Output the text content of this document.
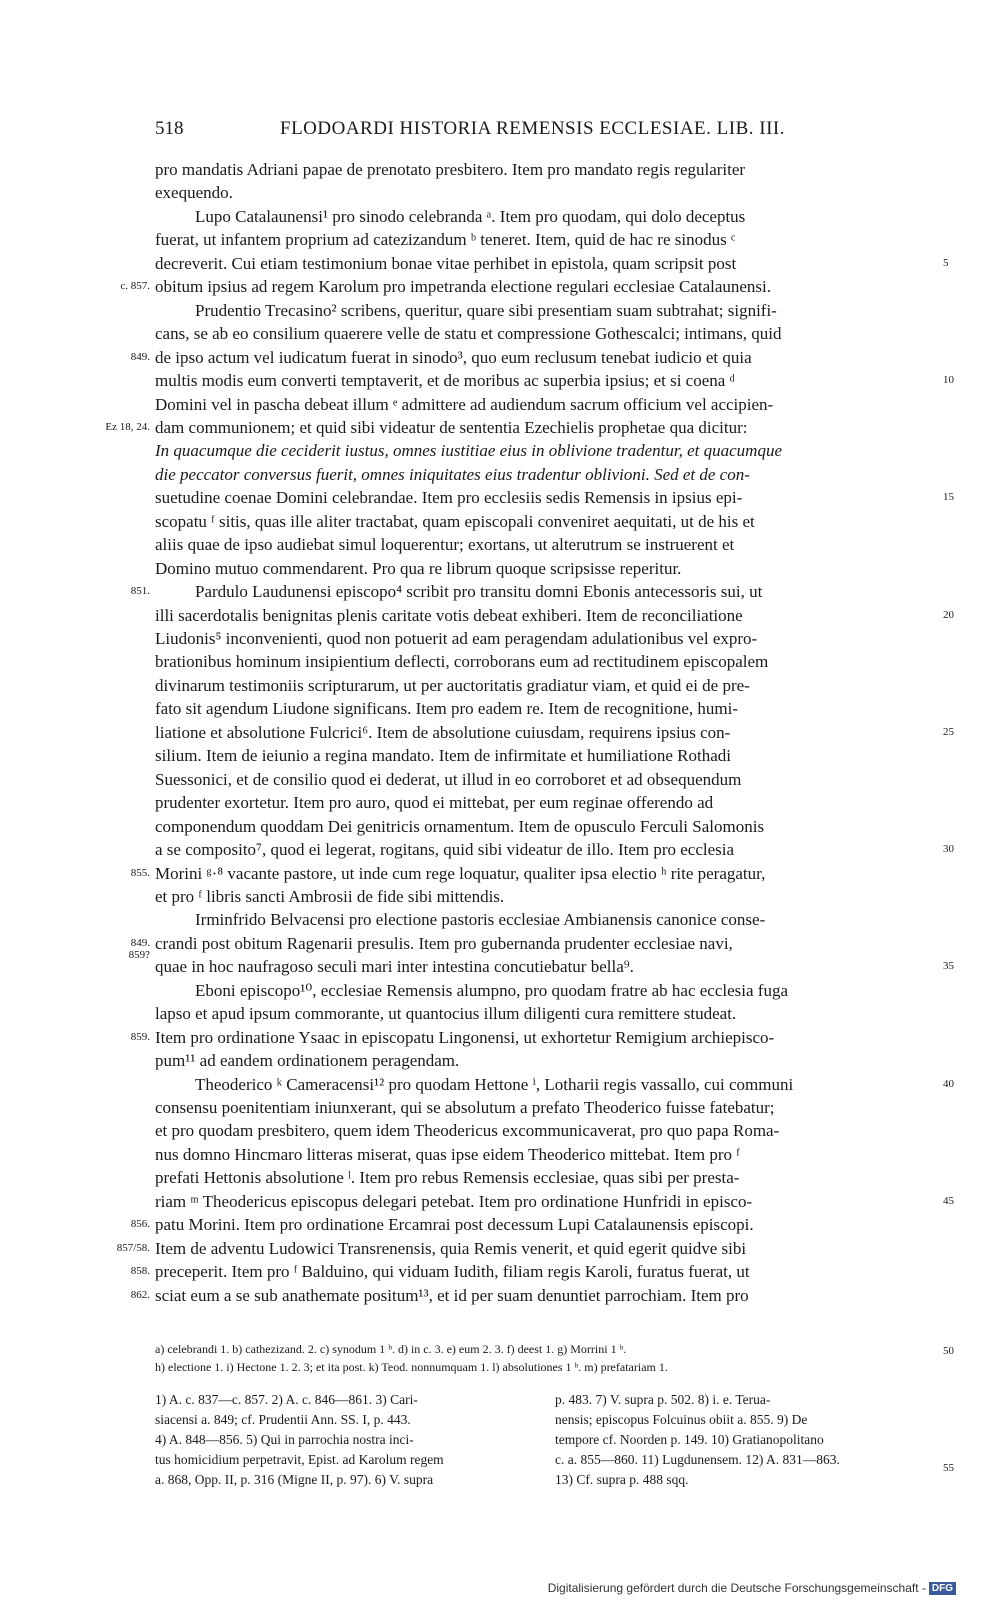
518	FLODOARDI HISTORIA REMENSIS ECCLESIAE. LIB. III.
pro mandatis Adriani papae de prenotato presbitero. Item pro mandato regis regulariter
exequendo.
Lupo Catalaunensi¹ pro sinodo celebranda ᵃ. Item pro quodam, qui dolo deceptus
fuerat, ut infantem proprium ad catezizandum ᵇ teneret. Item, quid de hac re sinodus ᶜ
decreverit. Cui etiam testimonium bonae vitae perhibet in epistola, quam scripsit post
obitum ipsius ad regem Karolum pro impetranda electione regulari ecclesiae Catalaunensi.
Prudentio Trecasino² scribens, queritur, quare sibi presentiam suam subtrahat; signifi-
cans, se ab eo consilium quaerere velle de statu et compressione Gothescalci; intimans, quid
de ipso actum vel iudicatum fuerat in sinodo³, quo eum reclusum tenebat iudicio et quia
multis modis eum converti temptaverit, et de moribus ac superbia ipsius; et si coena ᵈ
Domini vel in pascha debeat illum ᵉ admittere ad audiendum sacrum officium vel accipien-
dam communionem; et quid sibi videatur de sententia Ezechielis prophetae qua dicitur:
In quacumque die ceciderit iustus, omnes iustitiae eius in oblivione tradentur, et quacumque
die peccator conversus fuerit, omnes iniquitates eius tradentur oblivioni. Sed et de con-
suetudine coenae Domini celebrandae. Item pro ecclesiis sedis Remensis in ipsius epi-
scopatu ᶠ sitis, quas ille aliter tractabat, quam episcopali conveniret aequitati, ut de his et
aliis quae de ipso audiebat simul loquerentur; exortans, ut alterutrum se instruerent et
Domino mutuo commendarent. Pro qua re librum quoque scripsisse reperitur.
Pardulo Laudunensi episcopo⁴ scribit pro transitu domni Ebonis antecessoris sui, ut
illi sacerdotalis benignitas plenis caritate votis debeat exhiberi. Item de reconciliatione
Liudonis⁵ inconvenienti, quod non potuerit ad eam peragendam adulationibus vel expro-
brationibus hominum insipientium deflecti, corroborans eum ad rectitudinem episcopalem
divinarum testimoniis scripturarum, ut per auctoritatis gradiatur viam, et quid ei de pre-
fato sit agendum Liudone significans. Item pro eadem re. Item de recognitione, humi-
liatione et absolutione Fulcrici⁶. Item de absolutione cuiusdam, requirens ipsius con-
silium. Item de ieiunio a regina mandato. Item de infirmitate et humiliatione Rothadi
Suessonici, et de consilio quod ei dederat, ut illud in eo corroboret et ad obsequendum
prudenter exortetur. Item pro auro, quod ei mittebat, per eum reginae offerendo ad
componendum quoddam Dei genitricis ornamentum. Item de opusculo Ferculi Salomonis
a se composito⁷, quod ei legerat, rogitans, quid sibi videatur de illo. Item pro ecclesia
Morini ᵍ·⁸ vacante pastore, ut inde cum rege loquatur, qualiter ipsa electio ʰ rite peragatur,
et pro ᶠ libris sancti Ambrosii de fide sibi mittendis.
Irminfrido Belvacensi pro electione pastoris ecclesiae Ambianensis canonice conse-
crandi post obitum Ragenarii presulis. Item pro gubernanda prudenter ecclesiae navi,
quae in hoc naufragoso seculi mari inter intestina concutiebatur bella⁹.
Eboni episcopo¹⁰, ecclesiae Remensis alumpno, pro quodam fratre ab hac ecclesia fuga
lapso et apud ipsum commorante, ut quantocius illum diligenti cura remittere studeat.
Item pro ordinatione Ysaac in episcopatu Lingonensi, ut exhortetur Remigium archiepisco-
pum¹¹ ad eandem ordinationem peragendam.
Theoderico ᵏ Cameracensi¹² pro quodam Hettone ⁱ, Lotharii regis vassallo, cui communi
consensu poenitentiam iniunxerant, qui se absolutum a prefato Theoderico fuisse fatebatur;
et pro quodam presbitero, quem idem Theodericus excommunicaverat, pro quo papa Roma-
nus domno Hincmaro litteras miserat, quas ipse eidem Theoderico mittebat. Item pro ᶠ
prefati Hettonis absolutione ˡ. Item pro rebus Remensis ecclesiae, quas sibi per presta-
riam ᵐ Theodericus episcopus delegari petebat. Item pro ordinatione Hunfridi in episco-
patu Morini. Item pro ordinatione Ercamrai post decessum Lupi Catalaunensis episcopi.
Item de adventu Ludowici Transrenensis, quia Remis venerit, et quid egerit quidve sibi
preceperit. Item pro ᶠ Balduino, qui viduam Iudith, filiam regis Karoli, furatus fuerat, ut
sciat eum a se sub anathemate positum¹³, et id per suam denuntiet parrochiam. Item pro
c. 857.
849.
Ez 18, 24.
851.
855.
849.
859?
859.
856.
857/58.
858.
862.
5
10
15
20
25
30
35
40
45
a) celebrandi 1. b) cathezizand. 2. c) synodum 1 ᵇ. d) in c. 3. e) eum 2. 3. f) deest 1. g) Morrini 1 ᵇ.
h) electione 1. i) Hectone 1. 2. 3; et ita post. k) Teod. nonnumquam 1. l) absolutiones 1 ᵇ. m) prefatariam 1.
50
1) A. c. 837—c. 857. 2) A. c. 846—861. 3) Cari-
siacensi a. 849; cf. Prudentii Ann. SS. I, p. 443.
4) A. 848—856. 5) Qui in parrochia nostra inci-
tus homicidium perpetravit, Epist. ad Karolum regem
a. 868, Opp. II, p. 316 (Migne II, p. 97). 6) V. supra
p. 483. 7) V. supra p. 502. 8) i. e. Terua-
nensis; episcopus Folcuinus obiit a. 855. 9) De
tempore cf. Noorden p. 149. 10) Gratianopolitano
c. a. 855—860. 11) Lugdunensem. 12) A. 831—863.
13) Cf. supra p. 488 sqq.
55
Digitalisierung gefördert durch die Deutsche Forschungsgemeinschaft - DFG
